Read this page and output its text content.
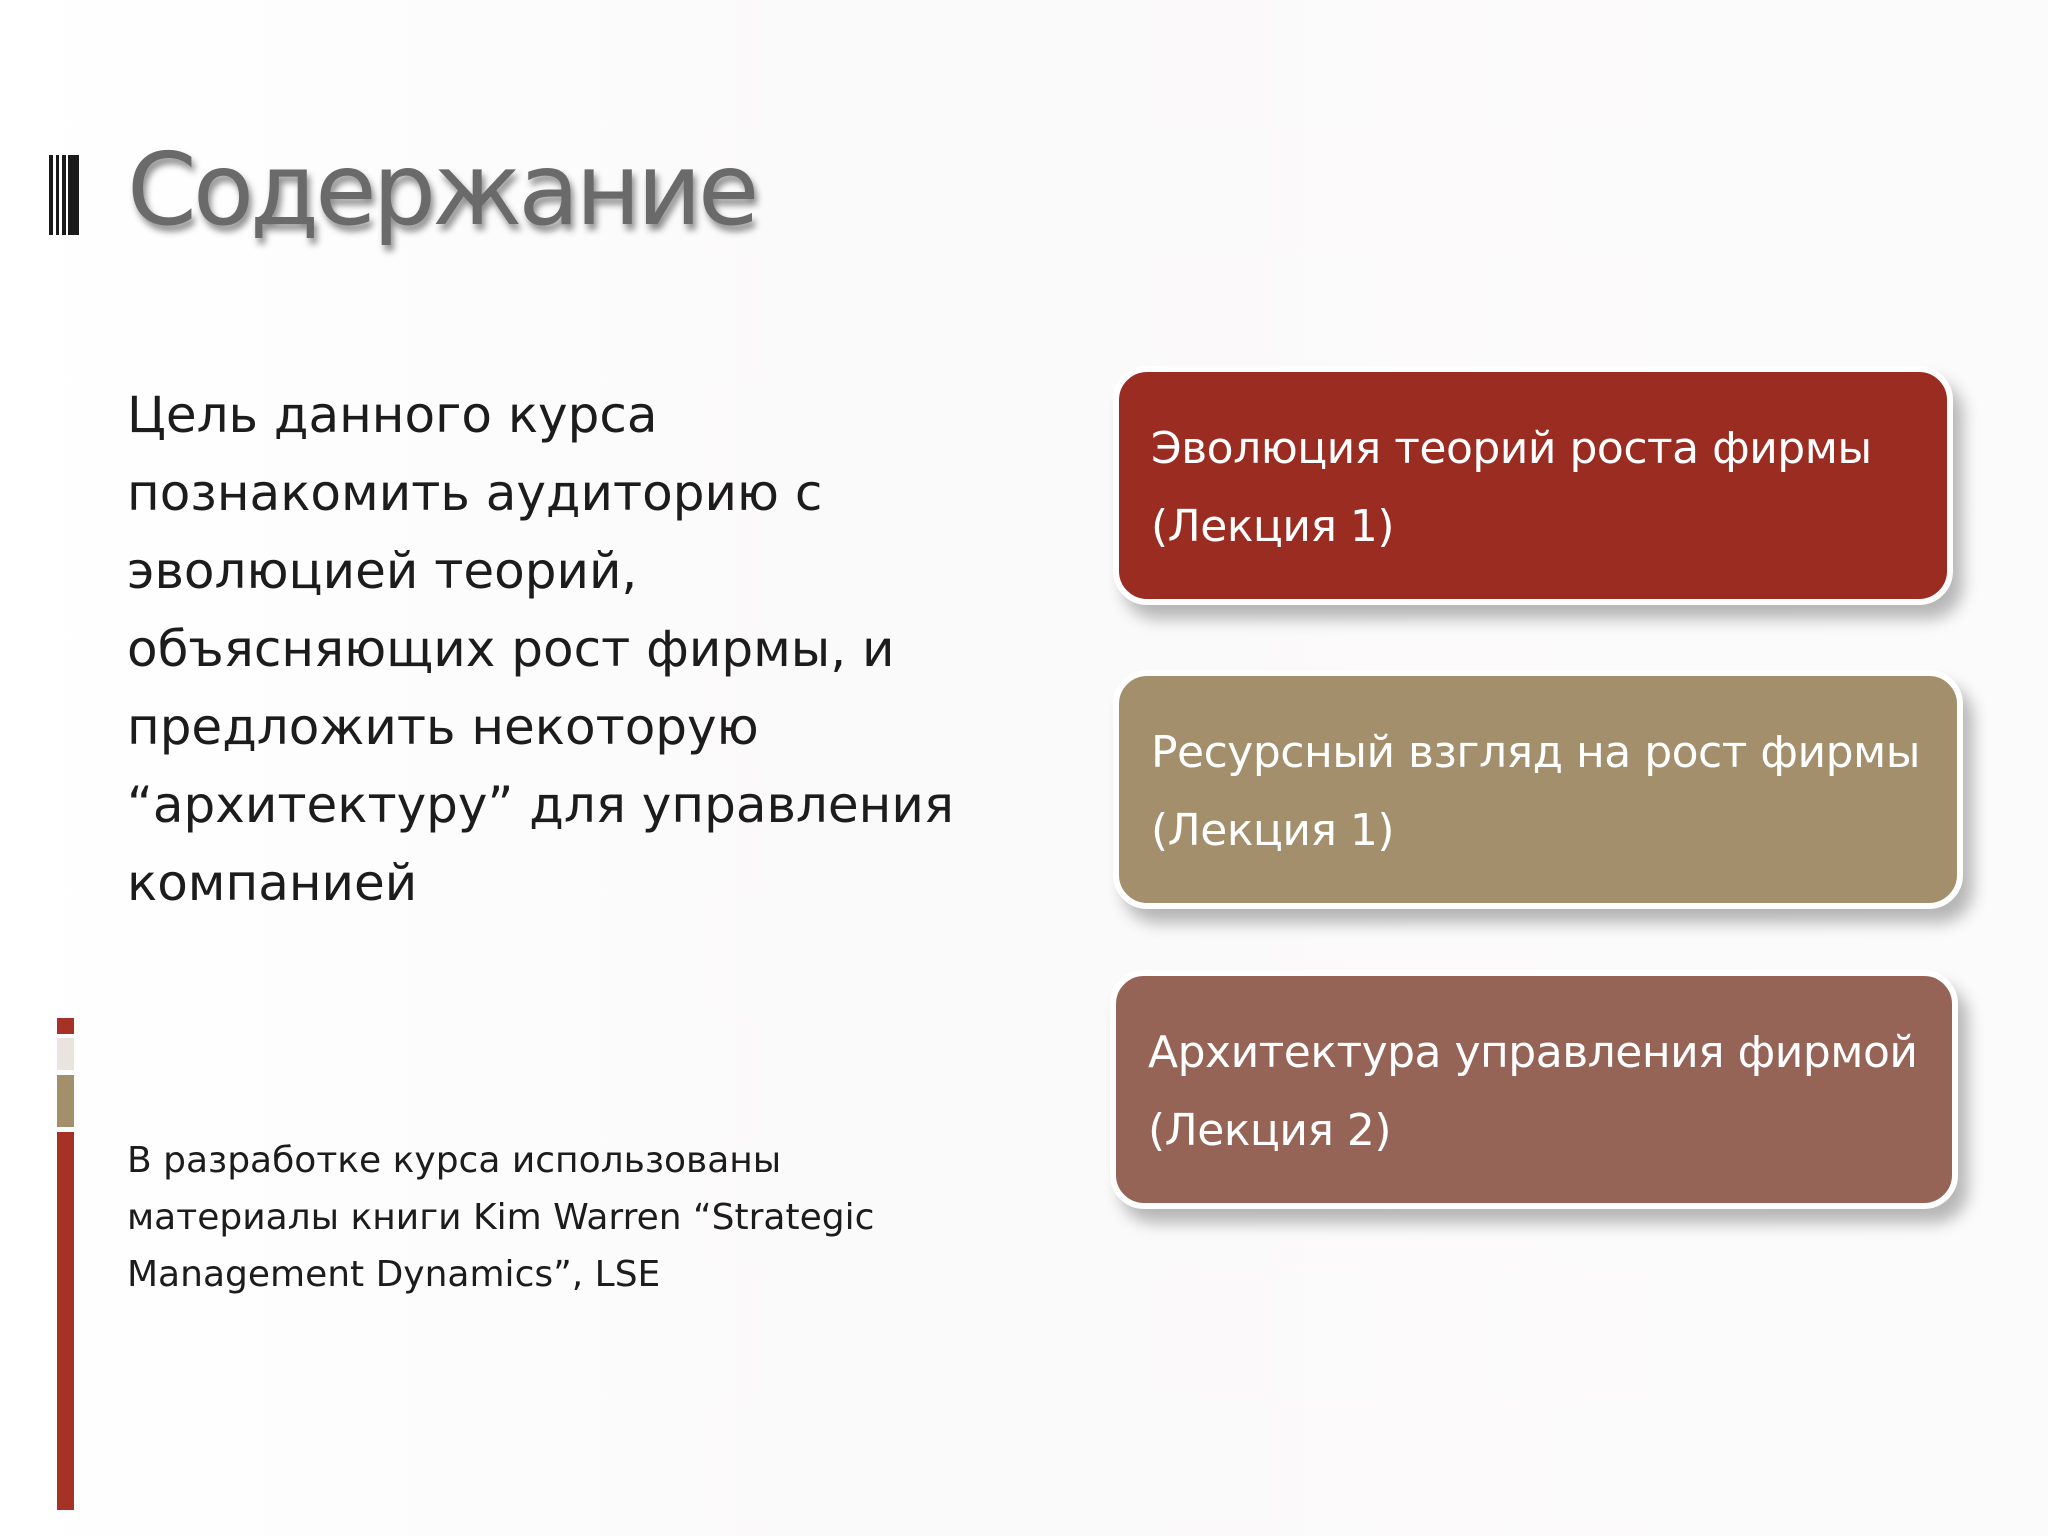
Содержание

Цель данного курса
познакомить аудиторию с
эволюцией теорий,
объясняющих рост фирмы, и
предложить некоторую
“архитектуру” для управления
компанией

В разработке курса использованы
материалы книги Kim Warren “Strategic
Management Dynamics”, LSE

Эволюция теорий роста фирмы
(Лекция 1)
Ресурсный взгляд на рост фирмы
(Лекция 1)
Архитектура управления фирмой
(Лекция 2)
